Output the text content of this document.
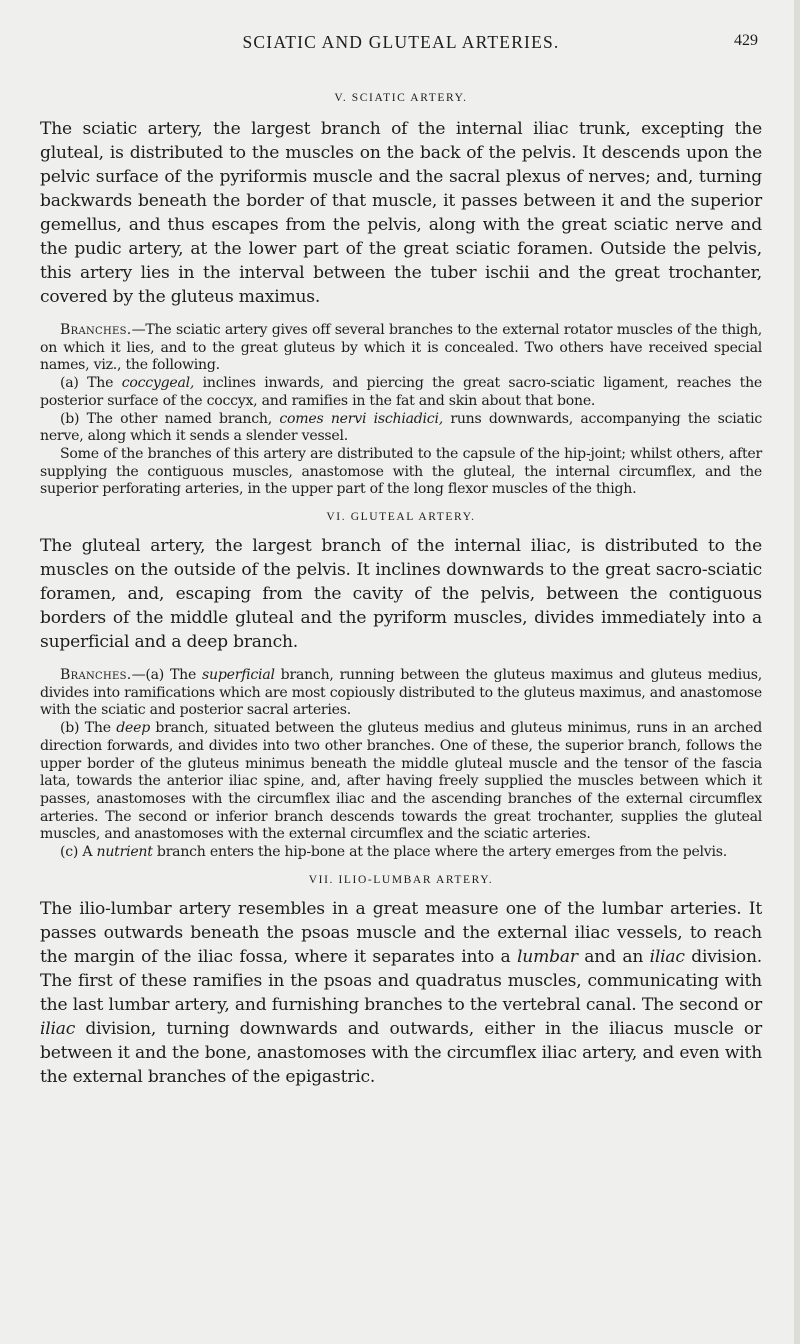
SCIATIC AND GLUTEAL ARTERIES.	429
V. SCIATIC ARTERY.

The sciatic artery, the largest branch of the internal iliac trunk, excepting the gluteal, is distributed to the muscles on the back of the pelvis. It descends upon the pelvic surface of the pyriformis muscle and the sacral plexus of nerves; and, turning backwards beneath the border of that muscle, it passes between it and the superior gemellus, and thus escapes from the pelvis, along with the great sciatic nerve and the pudic artery, at the lower part of the great sciatic foramen. Outside the pelvis, this artery lies in the interval between the tuber ischii and the great trochanter, covered by the gluteus maximus.

Branches.—The sciatic artery gives off several branches to the external rotator muscles of the thigh, on which it lies, and to the great gluteus by which it is concealed. Two others have received special names, viz., the following.

(a) The coccygeal, inclines inwards, and piercing the great sacro-sciatic ligament, reaches the posterior surface of the coccyx, and ramifies in the fat and skin about that bone.

(b) The other named branch, comes nervi ischiadici, runs downwards, accompanying the sciatic nerve, along which it sends a slender vessel.

Some of the branches of this artery are distributed to the capsule of the hip-joint; whilst others, after supplying the contiguous muscles, anastomose with the gluteal, the internal circumflex, and the superior perforating arteries, in the upper part of the long flexor muscles of the thigh.

VI. GLUTEAL ARTERY.

The gluteal artery, the largest branch of the internal iliac, is distributed to the muscles on the outside of the pelvis. It inclines downwards to the great sacro-sciatic foramen, and, escaping from the cavity of the pelvis, between the contiguous borders of the middle gluteal and the pyriform muscles, divides immediately into a superficial and a deep branch.

Branches.—(a) The superficial branch, running between the gluteus maximus and gluteus medius, divides into ramifications which are most copiously distributed to the gluteus maximus, and anastomose with the sciatic and posterior sacral arteries.

(b) The deep branch, situated between the gluteus medius and gluteus minimus, runs in an arched direction forwards, and divides into two other branches. One of these, the superior branch, follows the upper border of the gluteus minimus beneath the middle gluteal muscle and the tensor of the fascia lata, towards the anterior iliac spine, and, after having freely supplied the muscles between which it passes, anastomoses with the circumflex iliac and the ascending branches of the external circumflex arteries. The second or inferior branch descends towards the great trochanter, supplies the gluteal muscles, and anastomoses with the external circumflex and the sciatic arteries.

(c) A nutrient branch enters the hip-bone at the place where the artery emerges from the pelvis.

VII. ILIO-LUMBAR ARTERY.

The ilio-lumbar artery resembles in a great measure one of the lumbar arteries. It passes outwards beneath the psoas muscle and the external iliac vessels, to reach the margin of the iliac fossa, where it separates into a lumbar and an iliac division. The first of these ramifies in the psoas and quadratus muscles, communicating with the last lumbar artery, and furnishing branches to the vertebral canal. The second or iliac division, turning downwards and outwards, either in the iliacus muscle or between it and the bone, anastomoses with the circumflex iliac artery, and even with the external branches of the epigastric.
